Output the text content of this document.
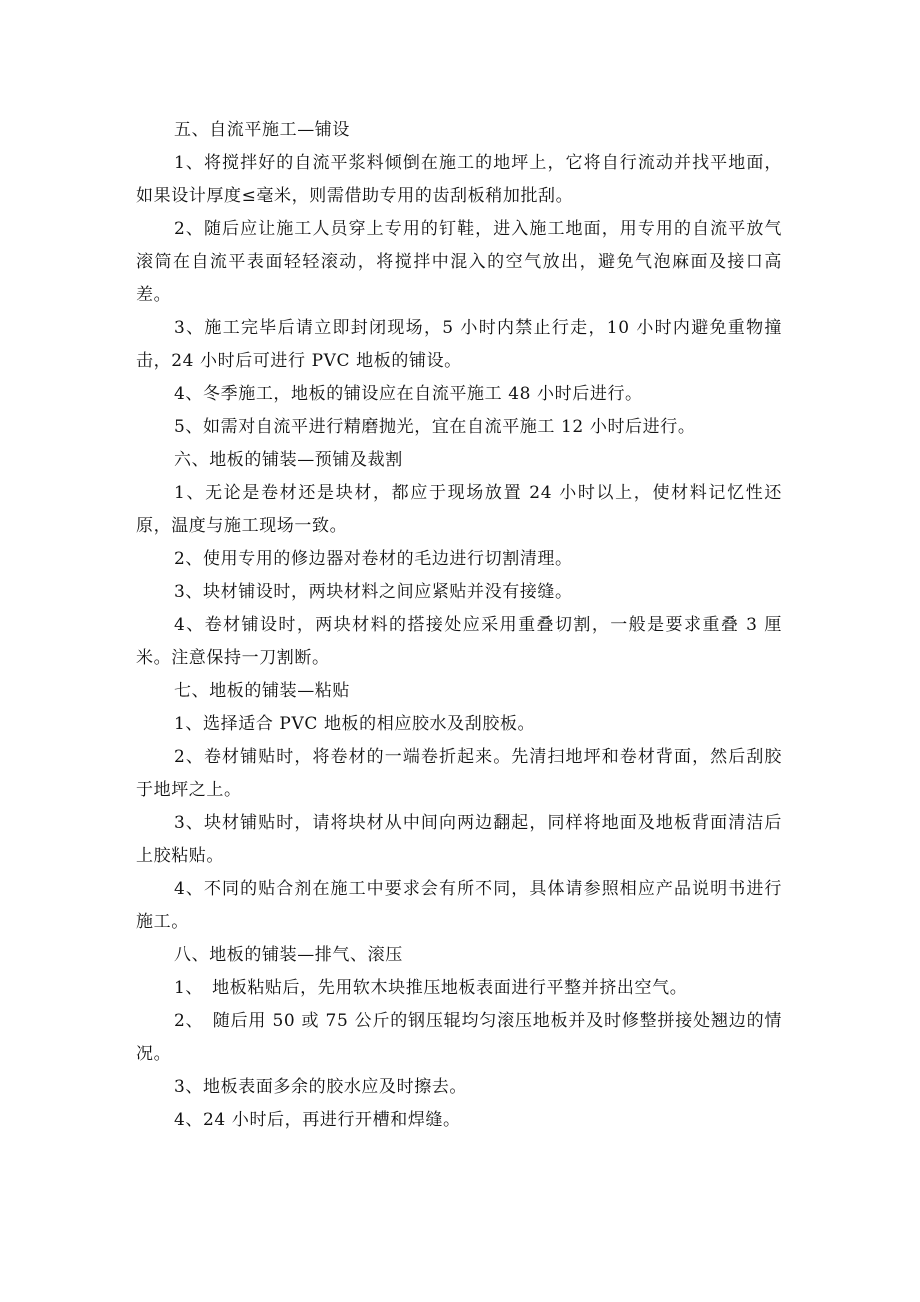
五、自流平施工—铺设

1、将搅拌好的自流平浆料倾倒在施工的地坪上，它将自行流动并找平地面，如果设计厚度≤毫米，则需借助专用的齿刮板稍加批刮。

2、随后应让施工人员穿上专用的钉鞋，进入施工地面，用专用的自流平放气滚筒在自流平表面轻轻滚动，将搅拌中混入的空气放出，避免气泡麻面及接口高差。

3、施工完毕后请立即封闭现场，5 小时内禁止行走，10 小时内避免重物撞击，24 小时后可进行 PVC 地板的铺设。

4、冬季施工，地板的铺设应在自流平施工 48 小时后进行。

5、如需对自流平进行精磨抛光，宜在自流平施工 12 小时后进行。

六、地板的铺装—预铺及裁割

1、无论是卷材还是块材，都应于现场放置 24 小时以上，使材料记忆性还原，温度与施工现场一致。

2、使用专用的修边器对卷材的毛边进行切割清理。

3、块材铺设时，两块材料之间应紧贴并没有接缝。

4、卷材铺设时，两块材料的搭接处应采用重叠切割，一般是要求重叠 3 厘米。注意保持一刀割断。

七、地板的铺装—粘贴

1、选择适合 PVC 地板的相应胶水及刮胶板。

2、卷材铺贴时，将卷材的一端卷折起来。先清扫地坪和卷材背面，然后刮胶于地坪之上。

3、块材铺贴时，请将块材从中间向两边翻起，同样将地面及地板背面清洁后上胶粘贴。

4、不同的贴合剂在施工中要求会有所不同，具体请参照相应产品说明书进行施工。

八、地板的铺装—排气、滚压

1、　地板粘贴后，先用软木块推压地板表面进行平整并挤出空气。

2、　随后用 50 或 75 公斤的钢压辊均匀滚压地板并及时修整拼接处翘边的情况。

3、地板表面多余的胶水应及时擦去。

4、24 小时后，再进行开槽和焊缝。
